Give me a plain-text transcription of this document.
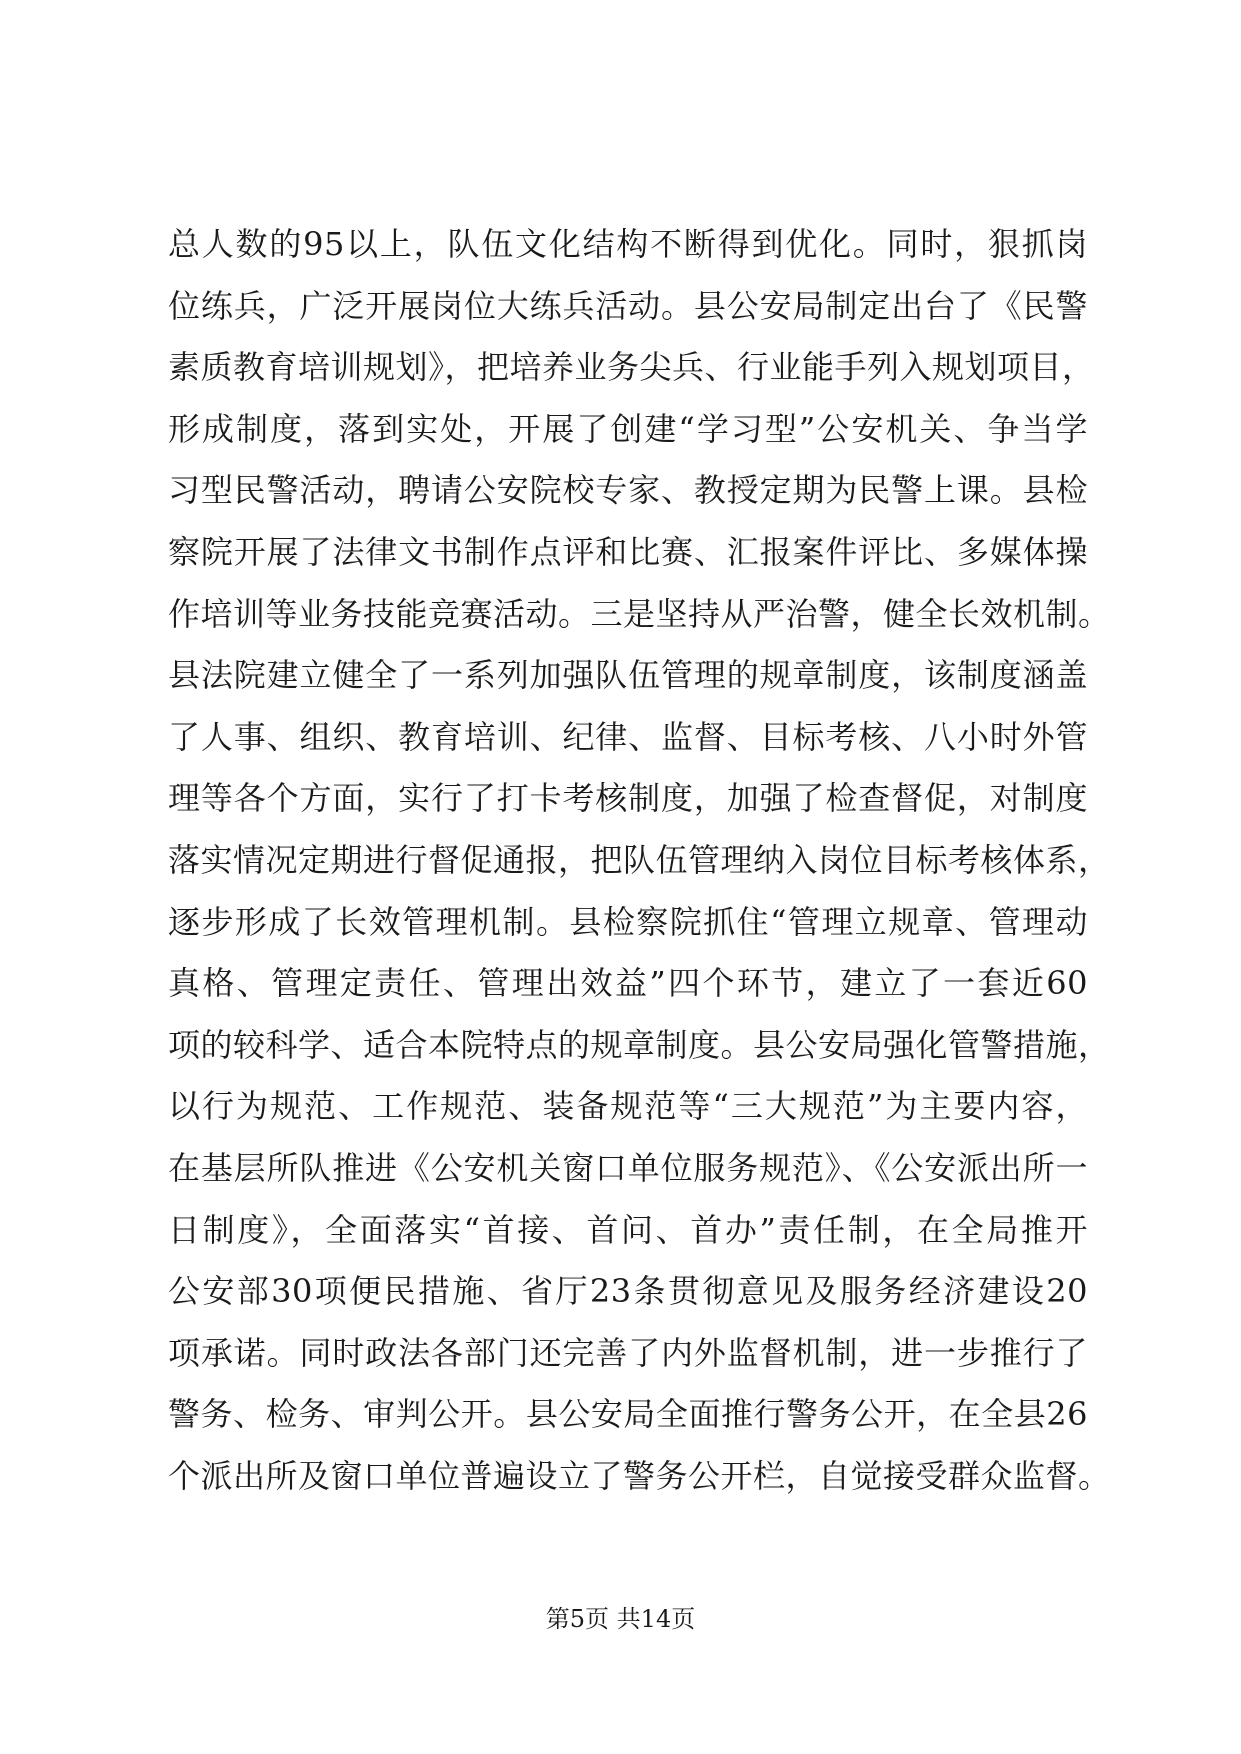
总人数的95以上，队伍文化结构不断得到优化。同时，狠抓岗
位练兵，广泛开展岗位大练兵活动。县公安局制定出台了《民警
素质教育培训规划》，把培养业务尖兵、行业能手列入规划项目，
形成制度，落到实处，开展了创建“学习型”公安机关、争当学
习型民警活动，聘请公安院校专家、教授定期为民警上课。县检
察院开展了法律文书制作点评和比赛、汇报案件评比、多媒体操
作培训等业务技能竞赛活动。三是坚持从严治警，健全长效机制。
县法院建立健全了一系列加强队伍管理的规章制度，该制度涵盖
了人事、组织、教育培训、纪律、监督、目标考核、八小时外管
理等各个方面，实行了打卡考核制度，加强了检查督促，对制度
落实情况定期进行督促通报，把队伍管理纳入岗位目标考核体系，
逐步形成了长效管理机制。县检察院抓住“管理立规章、管理动
真格、管理定责任、管理出效益”四个环节，建立了一套近60
项的较科学、适合本院特点的规章制度。县公安局强化管警措施，
以行为规范、工作规范、装备规范等“三大规范”为主要内容，
在基层所队推进《公安机关窗口单位服务规范》、《公安派出所一
日制度》，全面落实“首接、首问、首办”责任制，在全局推开
公安部30项便民措施、省厅23条贯彻意见及服务经济建设20
项承诺。同时政法各部门还完善了内外监督机制，进一步推行了
警务、检务、审判公开。县公安局全面推行警务公开，在全县26
个派出所及窗口单位普遍设立了警务公开栏，自觉接受群众监督。
第5页 共14页
